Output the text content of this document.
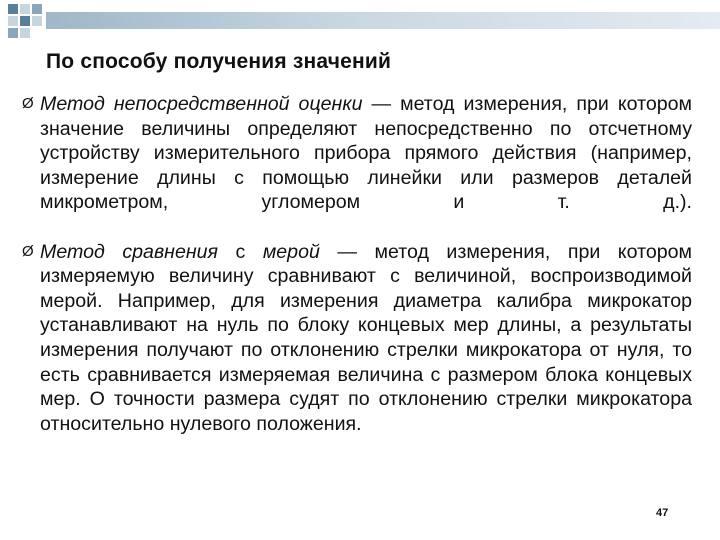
По способу получения значений

Ø Метод непосредственной оценки — метод измерения, при котором значение величины определяют непосредственно по отсчетному устройству измерительного прибора прямого действия (например, измерение длины с помощью линейки или размеров деталей микрометром, угломером и т. д.).

Ø Метод сравнения с мерой — метод измерения, при котором измеряемую величину сравнивают с величиной, воспроизводимой мерой. Например, для измерения диаметра калибра микрокатор устанавливают на нуль по блоку концевых мер длины, а результаты измерения получают по отклонению стрелки микрокатора от нуля, то есть сравнивается измеряемая величина с размером блока концевых мер. О точности размера судят по отклонению стрелки микрокатора относительно нулевого положения.

47
